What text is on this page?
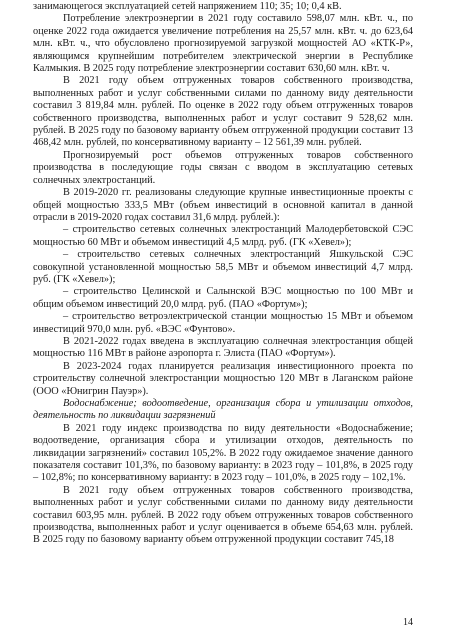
занимающегося эксплуатацией сетей напряжением 110; 35; 10; 0,4 кВ.

Потребление электроэнергии в 2021 году составило 598,07 млн. кВт. ч., по оценке 2022 года ожидается увеличение потребления на 25,57 млн. кВт. ч. до 623,64 млн. кВт. ч., что обусловлено прогнозируемой загрузкой мощностей АО «КТК-Р», являющимся крупнейшим потребителем электрической энергии в Республике Калмыкия. В 2025 году потребление электроэнергии составит 630,60 млн. кВт. ч.

В 2021 году объем отгруженных товаров собственного производства, выполненных работ и услуг собственными силами по данному виду деятельности составил 3 819,84 млн. рублей. По оценке в 2022 году объем отгруженных товаров собственного производства, выполненных работ и услуг составит 9 528,62 млн. рублей. В 2025 году по базовому варианту объем отгруженной продукции составит 13 468,42 млн. рублей, по консервативному варианту – 12 561,39 млн. рублей.

Прогнозируемый рост объемов отгруженных товаров собственного производства в последующие годы связан с вводом в эксплуатацию сетевых солнечных электростанций.

В 2019-2020 гг. реализованы следующие крупные инвестиционные проекты с общей мощностью 333,5 МВт (объем инвестиций в основной капитал в данной отрасли в 2019-2020 годах составил 31,6 млрд. рублей.):

– строительство сетевых солнечных электростанций Малодербетовской СЭС мощностью 60 МВт и объемом инвестиций 4,5 млрд. руб. (ГК «Хевел»);

– строительство сетевых солнечных электростанций Яшкульской СЭС совокупной установленной мощностью 58,5 МВт и объемом инвестиций 4,7 млрд. руб. (ГК «Хевел»);

– строительство Целинской и Салынской ВЭС мощностью по 100 МВт и общим объемом инвестиций 20,0 млрд. руб. (ПАО «Фортум»);

– строительство ветроэлектрической станции мощностью 15 МВт и объемом инвестиций 970,0 млн. руб. «ВЭС «Фунтово».

В 2021-2022 годах введена в эксплуатацию солнечная электростанция общей мощностью 116 МВт в районе аэропорта г. Элиста (ПАО «Фортум»).

В 2023-2024 годах планируется реализация инвестиционного проекта по строительству солнечной электростанции мощностью 120 МВт в Лаганском районе (ООО «Юнигрин Пауэр»).

Водоснабжение; водоотведение, организация сбора и утилизации отходов, деятельность по ликвидации загрязнений

В 2021 году индекс производства по виду деятельности «Водоснабжение; водоотведение, организация сбора и утилизации отходов, деятельность по ликвидации загрязнений» составил 105,2%. В 2022 году ожидаемое значение данного показателя составит 101,3%, по базовому варианту: в 2023 году – 101,8%, в 2025 году – 102,8%; по консервативному варианту: в 2023 году – 101,0%, в 2025 году – 102,1%.

В 2021 году объем отгруженных товаров собственного производства, выполненных работ и услуг собственными силами по данному виду деятельности составил 603,95 млн. рублей. В 2022 году объем отгруженных товаров собственного производства, выполненных работ и услуг оценивается в объеме 654,63 млн. рублей. В 2025 году по базовому варианту объем отгруженной продукции составит 745,18

14
